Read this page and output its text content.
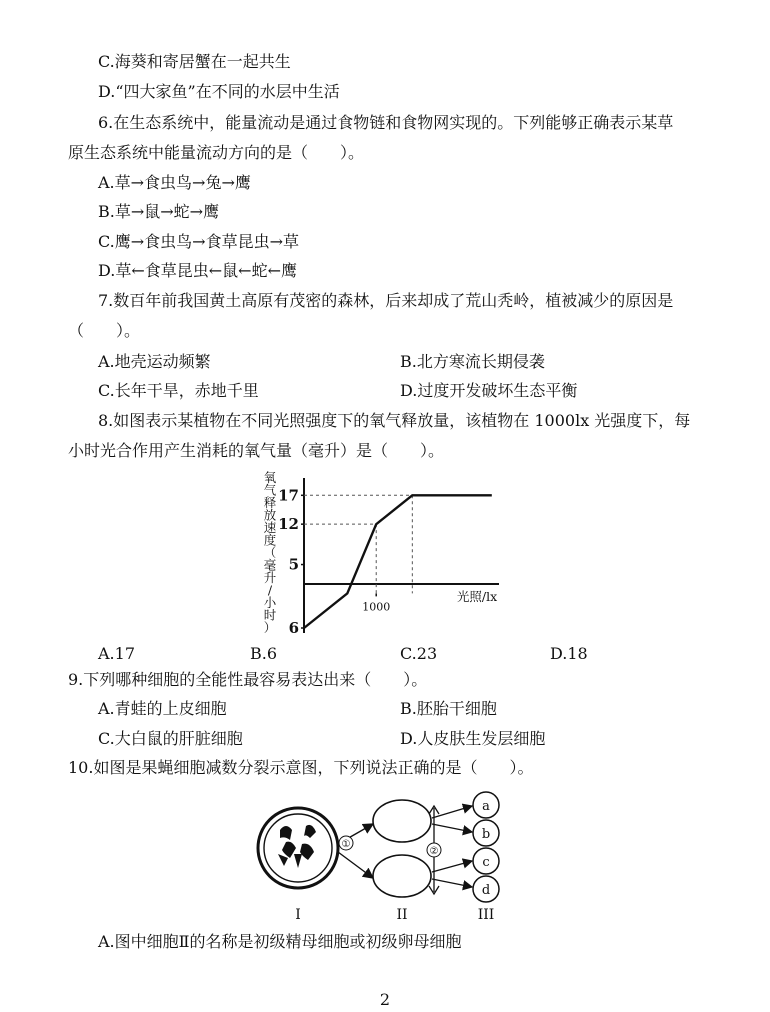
C.海葵和寄居蟹在一起共生
D.“四大家鱼”在不同的水层中生活
6.在生态系统中，能量流动是通过食物链和食物网实现的。下列能够正确表示某草
原生态系统中能量流动方向的是（　　）。
A.草→食虫鸟→兔→鹰
B.草→鼠→蛇→鹰
C.鹰→食虫鸟→食草昆虫→草
D.草←食草昆虫←鼠←蛇←鹰
7.数百年前我国黄土高原有茂密的森林，后来却成了荒山秃岭，植被减少的原因是
（　　）。
A.地壳运动频繁	B.北方寒流长期侵袭
C.长年干旱，赤地千里	D.过度开发破坏生态平衡
8.如图表示某植物在不同光照强度下的氧气释放量，该植物在 1000lx 光强度下，每
小时光合作用产生消耗的氧气量（毫升）是（　　）。
氧
气
释
放
速
度
（
毫
升
/
小
时
）
17
12
5
6
1000
光照/lx
A.17	B.6	C.23	D.18
9.下列哪种细胞的全能性最容易表达出来（　　）。
A.青蛙的上皮细胞	B.胚胎干细胞
C.大白鼠的肝脏细胞	D.人皮肤生发层细胞
10.如图是果蝇细胞减数分裂示意图，下列说法正确的是（　　）。
①
②
a
b
c
d
I	II	III
A.图中细胞Ⅱ的名称是初级精母细胞或初级卵母细胞
2
